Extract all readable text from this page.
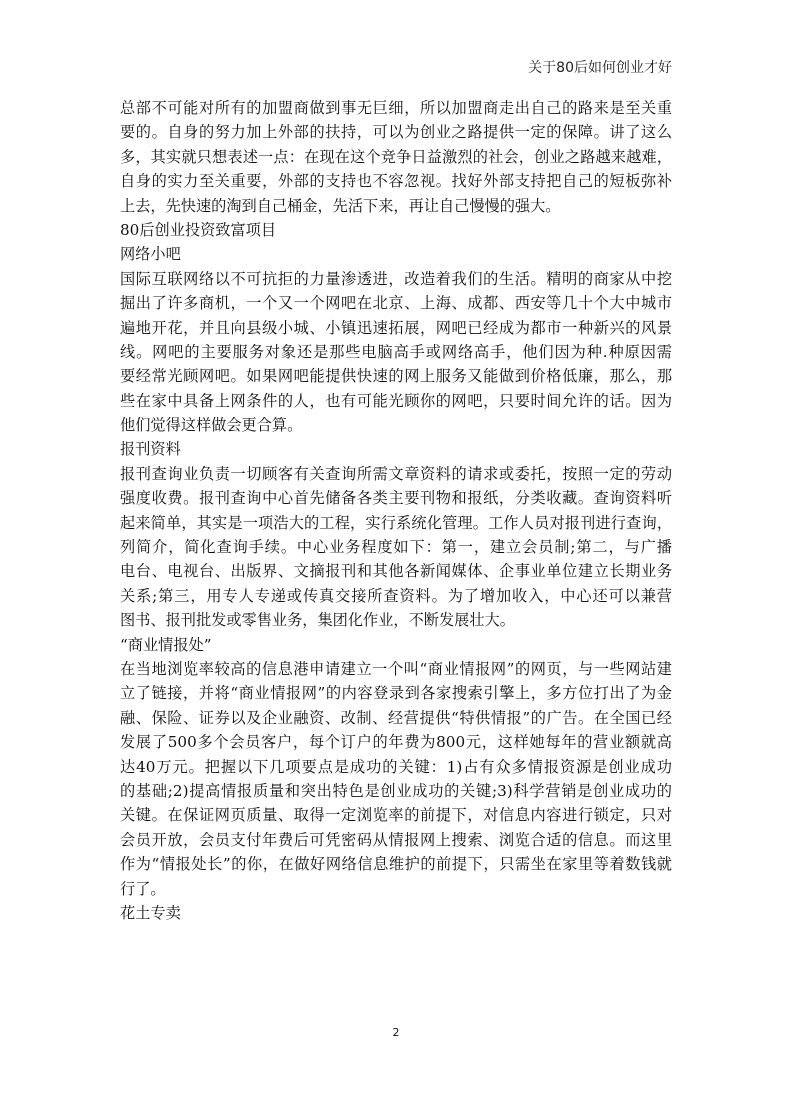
关于80后如何创业才好
总部不可能对所有的加盟商做到事无巨细，所以加盟商走出自己的路来是至关重
要的。自身的努力加上外部的扶持，可以为创业之路提供一定的保障。讲了这么
多，其实就只想表述一点：在现在这个竞争日益激烈的社会，创业之路越来越难，
自身的实力至关重要，外部的支持也不容忽视。找好外部支持把自己的短板弥补
上去，先快速的淘到自己桶金，先活下来，再让自己慢慢的强大。
80后创业投资致富项目
网络小吧
国际互联网络以不可抗拒的力量渗透进，改造着我们的生活。精明的商家从中挖
掘出了许多商机，一个又一个网吧在北京、上海、成都、西安等几十个大中城市
遍地开花，并且向县级小城、小镇迅速拓展，网吧已经成为都市一种新兴的风景
线。网吧的主要服务对象还是那些电脑高手或网络高手，他们因为种.种原因需
要经常光顾网吧。如果网吧能提供快速的网上服务又能做到价格低廉，那么，那
些在家中具备上网条件的人，也有可能光顾你的网吧，只要时间允许的话。因为
他们觉得这样做会更合算。
报刊资料
报刊查询业负责一切顾客有关查询所需文章资料的请求或委托，按照一定的劳动
强度收费。报刊查询中心首先储备各类主要刊物和报纸，分类收藏。查询资料听
起来简单，其实是一项浩大的工程，实行系统化管理。工作人员对报刊进行查询，
列简介，简化查询手续。中心业务程度如下：第一，建立会员制;第二，与广播
电台、电视台、出版界、文摘报刊和其他各新闻媒体、企事业单位建立长期业务
关系;第三，用专人专递或传真交接所查资料。为了增加收入，中心还可以兼营
图书、报刊批发或零售业务，集团化作业，不断发展壮大。
“商业情报处”
在当地浏览率较高的信息港申请建立一个叫“商业情报网”的网页，与一些网站建
立了链接，并将“商业情报网”的内容登录到各家搜索引擎上，多方位打出了为金
融、保险、证券以及企业融资、改制、经营提供“特供情报”的广告。在全国已经
发展了500多个会员客户，每个订户的年费为800元，这样她每年的营业额就高
达40万元。把握以下几项要点是成功的关键：1)占有众多情报资源是创业成功
的基础;2)提高情报质量和突出特色是创业成功的关键;3)科学营销是创业成功的
关键。在保证网页质量、取得一定浏览率的前提下，对信息内容进行锁定，只对
会员开放，会员支付年费后可凭密码从情报网上搜索、浏览合适的信息。而这里
作为“情报处长”的你，在做好网络信息维护的前提下，只需坐在家里等着数钱就
行了。
花土专卖
2
